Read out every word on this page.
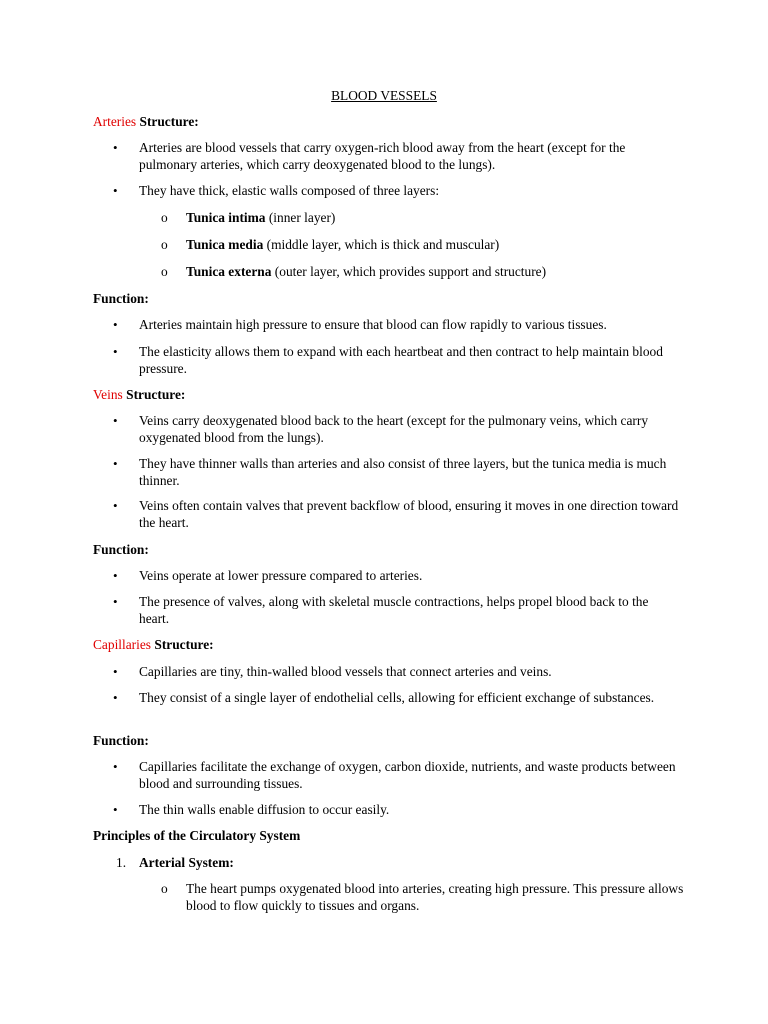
BLOOD VESSELS
Arteries Structure:
• Arteries are blood vessels that carry oxygen-rich blood away from the heart (except for the pulmonary arteries, which carry deoxygenated blood to the lungs).
• They have thick, elastic walls composed of three layers:
o Tunica intima (inner layer)
o Tunica media (middle layer, which is thick and muscular)
o Tunica externa (outer layer, which provides support and structure)
Function:
• Arteries maintain high pressure to ensure that blood can flow rapidly to various tissues.
• The elasticity allows them to expand with each heartbeat and then contract to help maintain blood pressure.
Veins Structure:
• Veins carry deoxygenated blood back to the heart (except for the pulmonary veins, which carry oxygenated blood from the lungs).
• They have thinner walls than arteries and also consist of three layers, but the tunica media is much thinner.
• Veins often contain valves that prevent backflow of blood, ensuring it moves in one direction toward the heart.
Function:
• Veins operate at lower pressure compared to arteries.
• The presence of valves, along with skeletal muscle contractions, helps propel blood back to the heart.
Capillaries Structure:
• Capillaries are tiny, thin-walled blood vessels that connect arteries and veins.
• They consist of a single layer of endothelial cells, allowing for efficient exchange of substances.
Function:
• Capillaries facilitate the exchange of oxygen, carbon dioxide, nutrients, and waste products between blood and surrounding tissues.
• The thin walls enable diffusion to occur easily.
Principles of the Circulatory System
1. Arterial System:
o The heart pumps oxygenated blood into arteries, creating high pressure. This pressure allows blood to flow quickly to tissues and organs.
